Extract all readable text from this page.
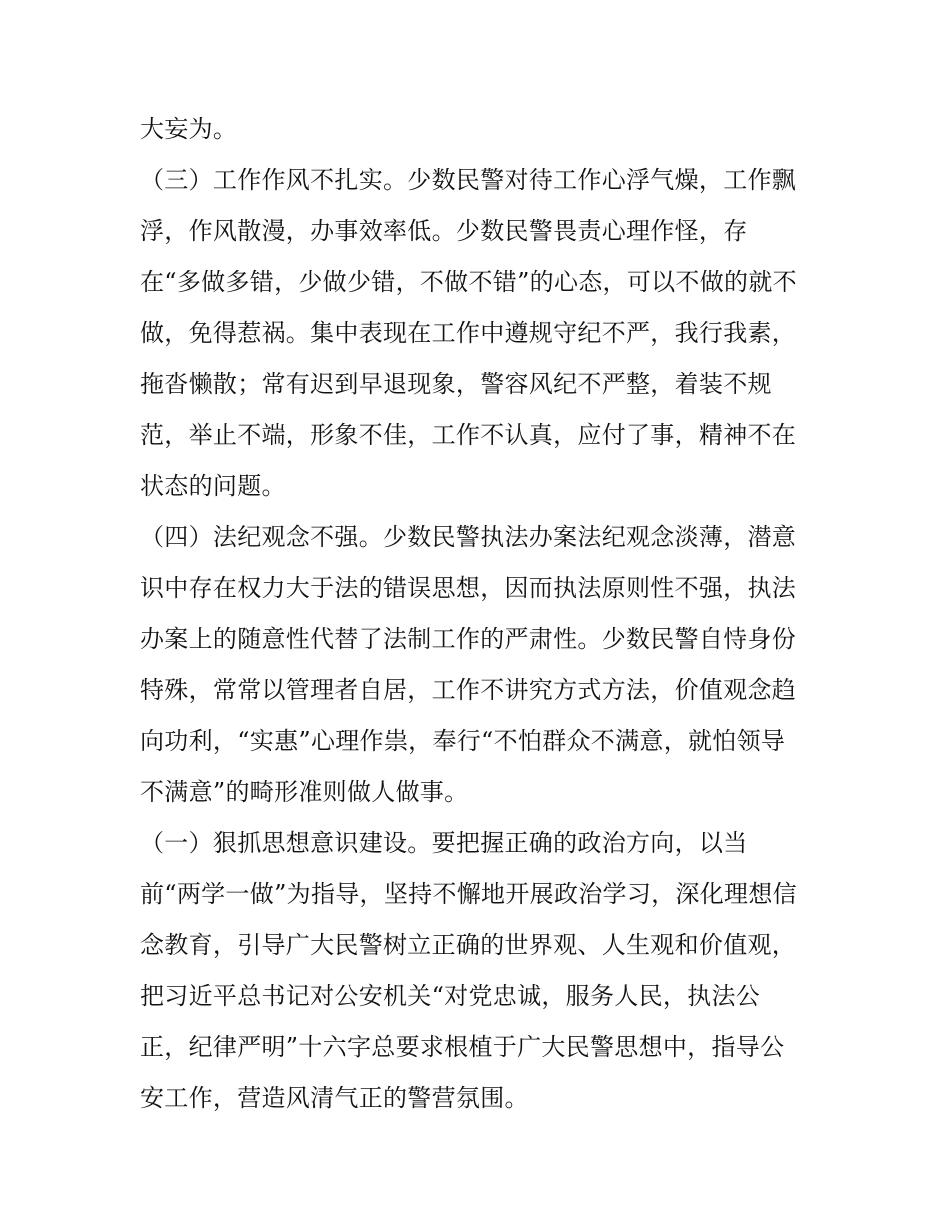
大妄为。
（三）工作作风不扎实。少数民警对待工作心浮气燥，工作飘
浮，作风散漫，办事效率低。少数民警畏责心理作怪，存
在“多做多错，少做少错，不做不错”的心态，可以不做的就不
做，免得惹祸。集中表现在工作中遵规守纪不严，我行我素，
拖沓懒散；常有迟到早退现象，警容风纪不严整，着装不规
范，举止不端，形象不佳，工作不认真，应付了事，精神不在
状态的问题。
（四）法纪观念不强。少数民警执法办案法纪观念淡薄，潜意
识中存在权力大于法的错误思想，因而执法原则性不强，执法
办案上的随意性代替了法制工作的严肃性。少数民警自恃身份
特殊，常常以管理者自居，工作不讲究方式方法，价值观念趋
向功利，“实惠”心理作祟，奉行“不怕群众不满意，就怕领导
不满意”的畸形准则做人做事。
（一）狠抓思想意识建设。要把握正确的政治方向，以当
前“两学一做”为指导，坚持不懈地开展政治学习，深化理想信
念教育，引导广大民警树立正确的世界观、人生观和价值观，
把习近平总书记对公安机关“对党忠诚，服务人民，执法公
正，纪律严明”十六字总要求根植于广大民警思想中，指导公
安工作，营造风清气正的警营氛围。
